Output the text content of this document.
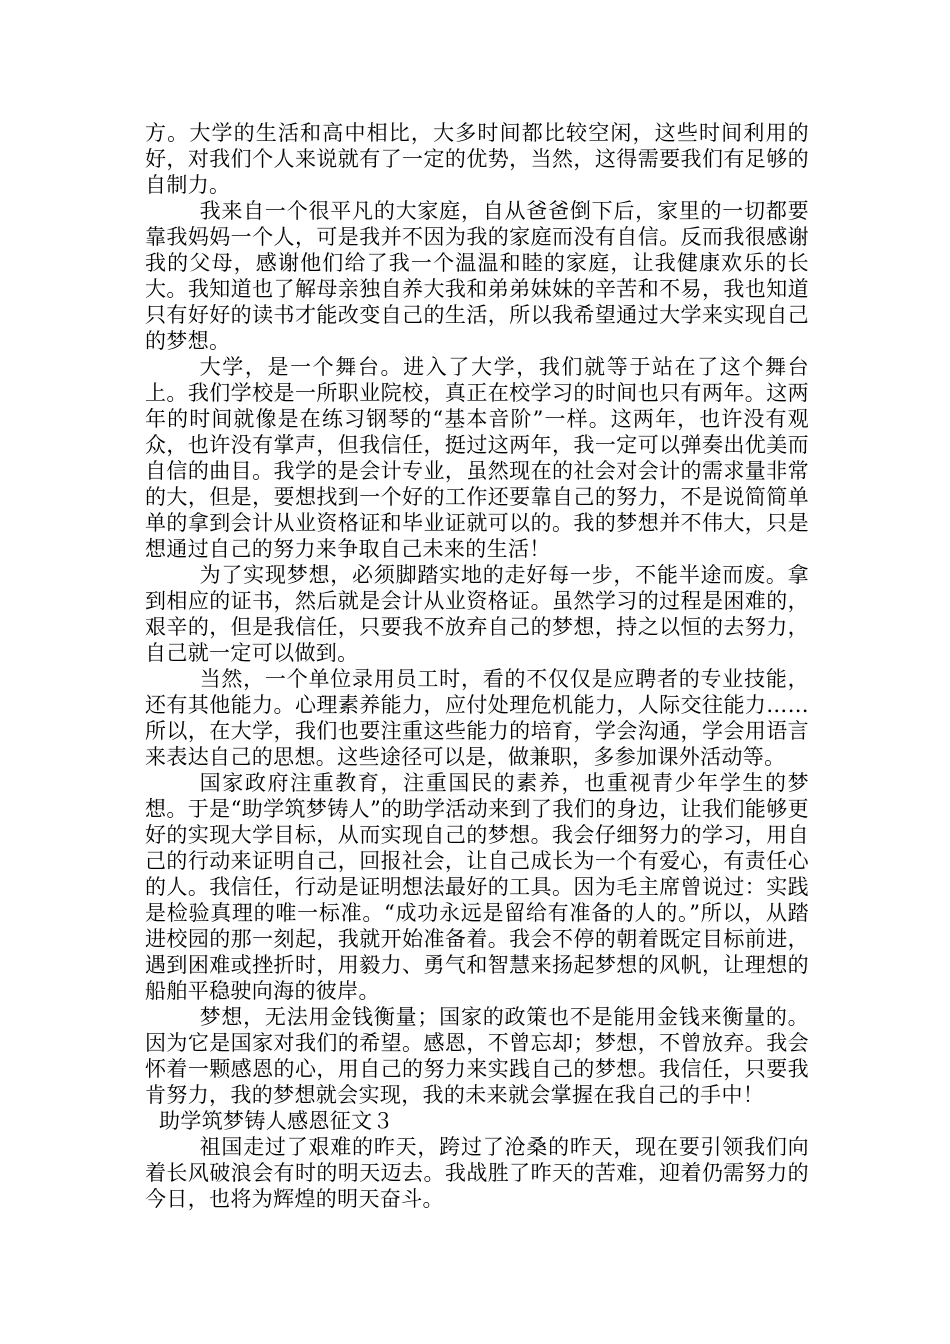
方。大学的生活和高中相比，大多时间都比较空闲，这些时间利用的好，对我们个人来说就有了一定的优势，当然，这得需要我们有足够的自制力。

我来自一个很平凡的大家庭，自从爸爸倒下后，家里的一切都要靠我妈妈一个人，可是我并不因为我的家庭而没有自信。反而我很感谢我的父母，感谢他们给了我一个温温和睦的家庭，让我健康欢乐的长大。我知道也了解母亲独自养大我和弟弟妹妹的辛苦和不易，我也知道只有好好的读书才能改变自己的生活，所以我希望通过大学来实现自己的梦想。

大学，是一个舞台。进入了大学，我们就等于站在了这个舞台上。我们学校是一所职业院校，真正在校学习的时间也只有两年。这两年的时间就像是在练习钢琴的“基本音阶”一样。这两年，也许没有观众，也许没有掌声，但我信任，挺过这两年，我一定可以弹奏出优美而自信的曲目。我学的是会计专业，虽然现在的社会对会计的需求量非常的大，但是，要想找到一个好的工作还要靠自己的努力，不是说简简单单的拿到会计从业资格证和毕业证就可以的。我的梦想并不伟大，只是想通过自己的努力来争取自己未来的生活！

为了实现梦想，必须脚踏实地的走好每一步，不能半途而废。拿到相应的证书，然后就是会计从业资格证。虽然学习的过程是困难的，艰辛的，但是我信任，只要我不放弃自己的梦想，持之以恒的去努力，自己就一定可以做到。

当然，一个单位录用员工时，看的不仅仅是应聘者的专业技能，还有其他能力。心理素养能力，应付处理危机能力，人际交往能力……所以，在大学，我们也要注重这些能力的培育，学会沟通，学会用语言来表达自己的思想。这些途径可以是，做兼职，多参加课外活动等。

国家政府注重教育，注重国民的素养，也重视青少年学生的梦想。于是“助学筑梦铸人”的助学活动来到了我们的身边，让我们能够更好的实现大学目标，从而实现自己的梦想。我会仔细努力的学习，用自己的行动来证明自己，回报社会，让自己成长为一个有爱心，有责任心的人。我信任，行动是证明想法最好的工具。因为毛主席曾说过：实践是检验真理的唯一标准。“成功永远是留给有准备的人的。”所以，从踏进校园的那一刻起，我就开始准备着。我会不停的朝着既定目标前进，遇到困难或挫折时，用毅力、勇气和智慧来扬起梦想的风帆，让理想的船舶平稳驶向海的彼岸。

梦想，无法用金钱衡量；国家的政策也不是能用金钱来衡量的。因为它是国家对我们的希望。感恩，不曾忘却；梦想，不曾放弃。我会怀着一颗感恩的心，用自己的努力来实践自己的梦想。我信任，只要我肯努力，我的梦想就会实现，我的未来就会掌握在我自己的手中！

助学筑梦铸人感恩征文３

祖国走过了艰难的昨天，跨过了沧桑的昨天，现在要引领我们向着长风破浪会有时的明天迈去。我战胜了昨天的苦难，迎着仍需努力的今日，也将为辉煌的明天奋斗。
